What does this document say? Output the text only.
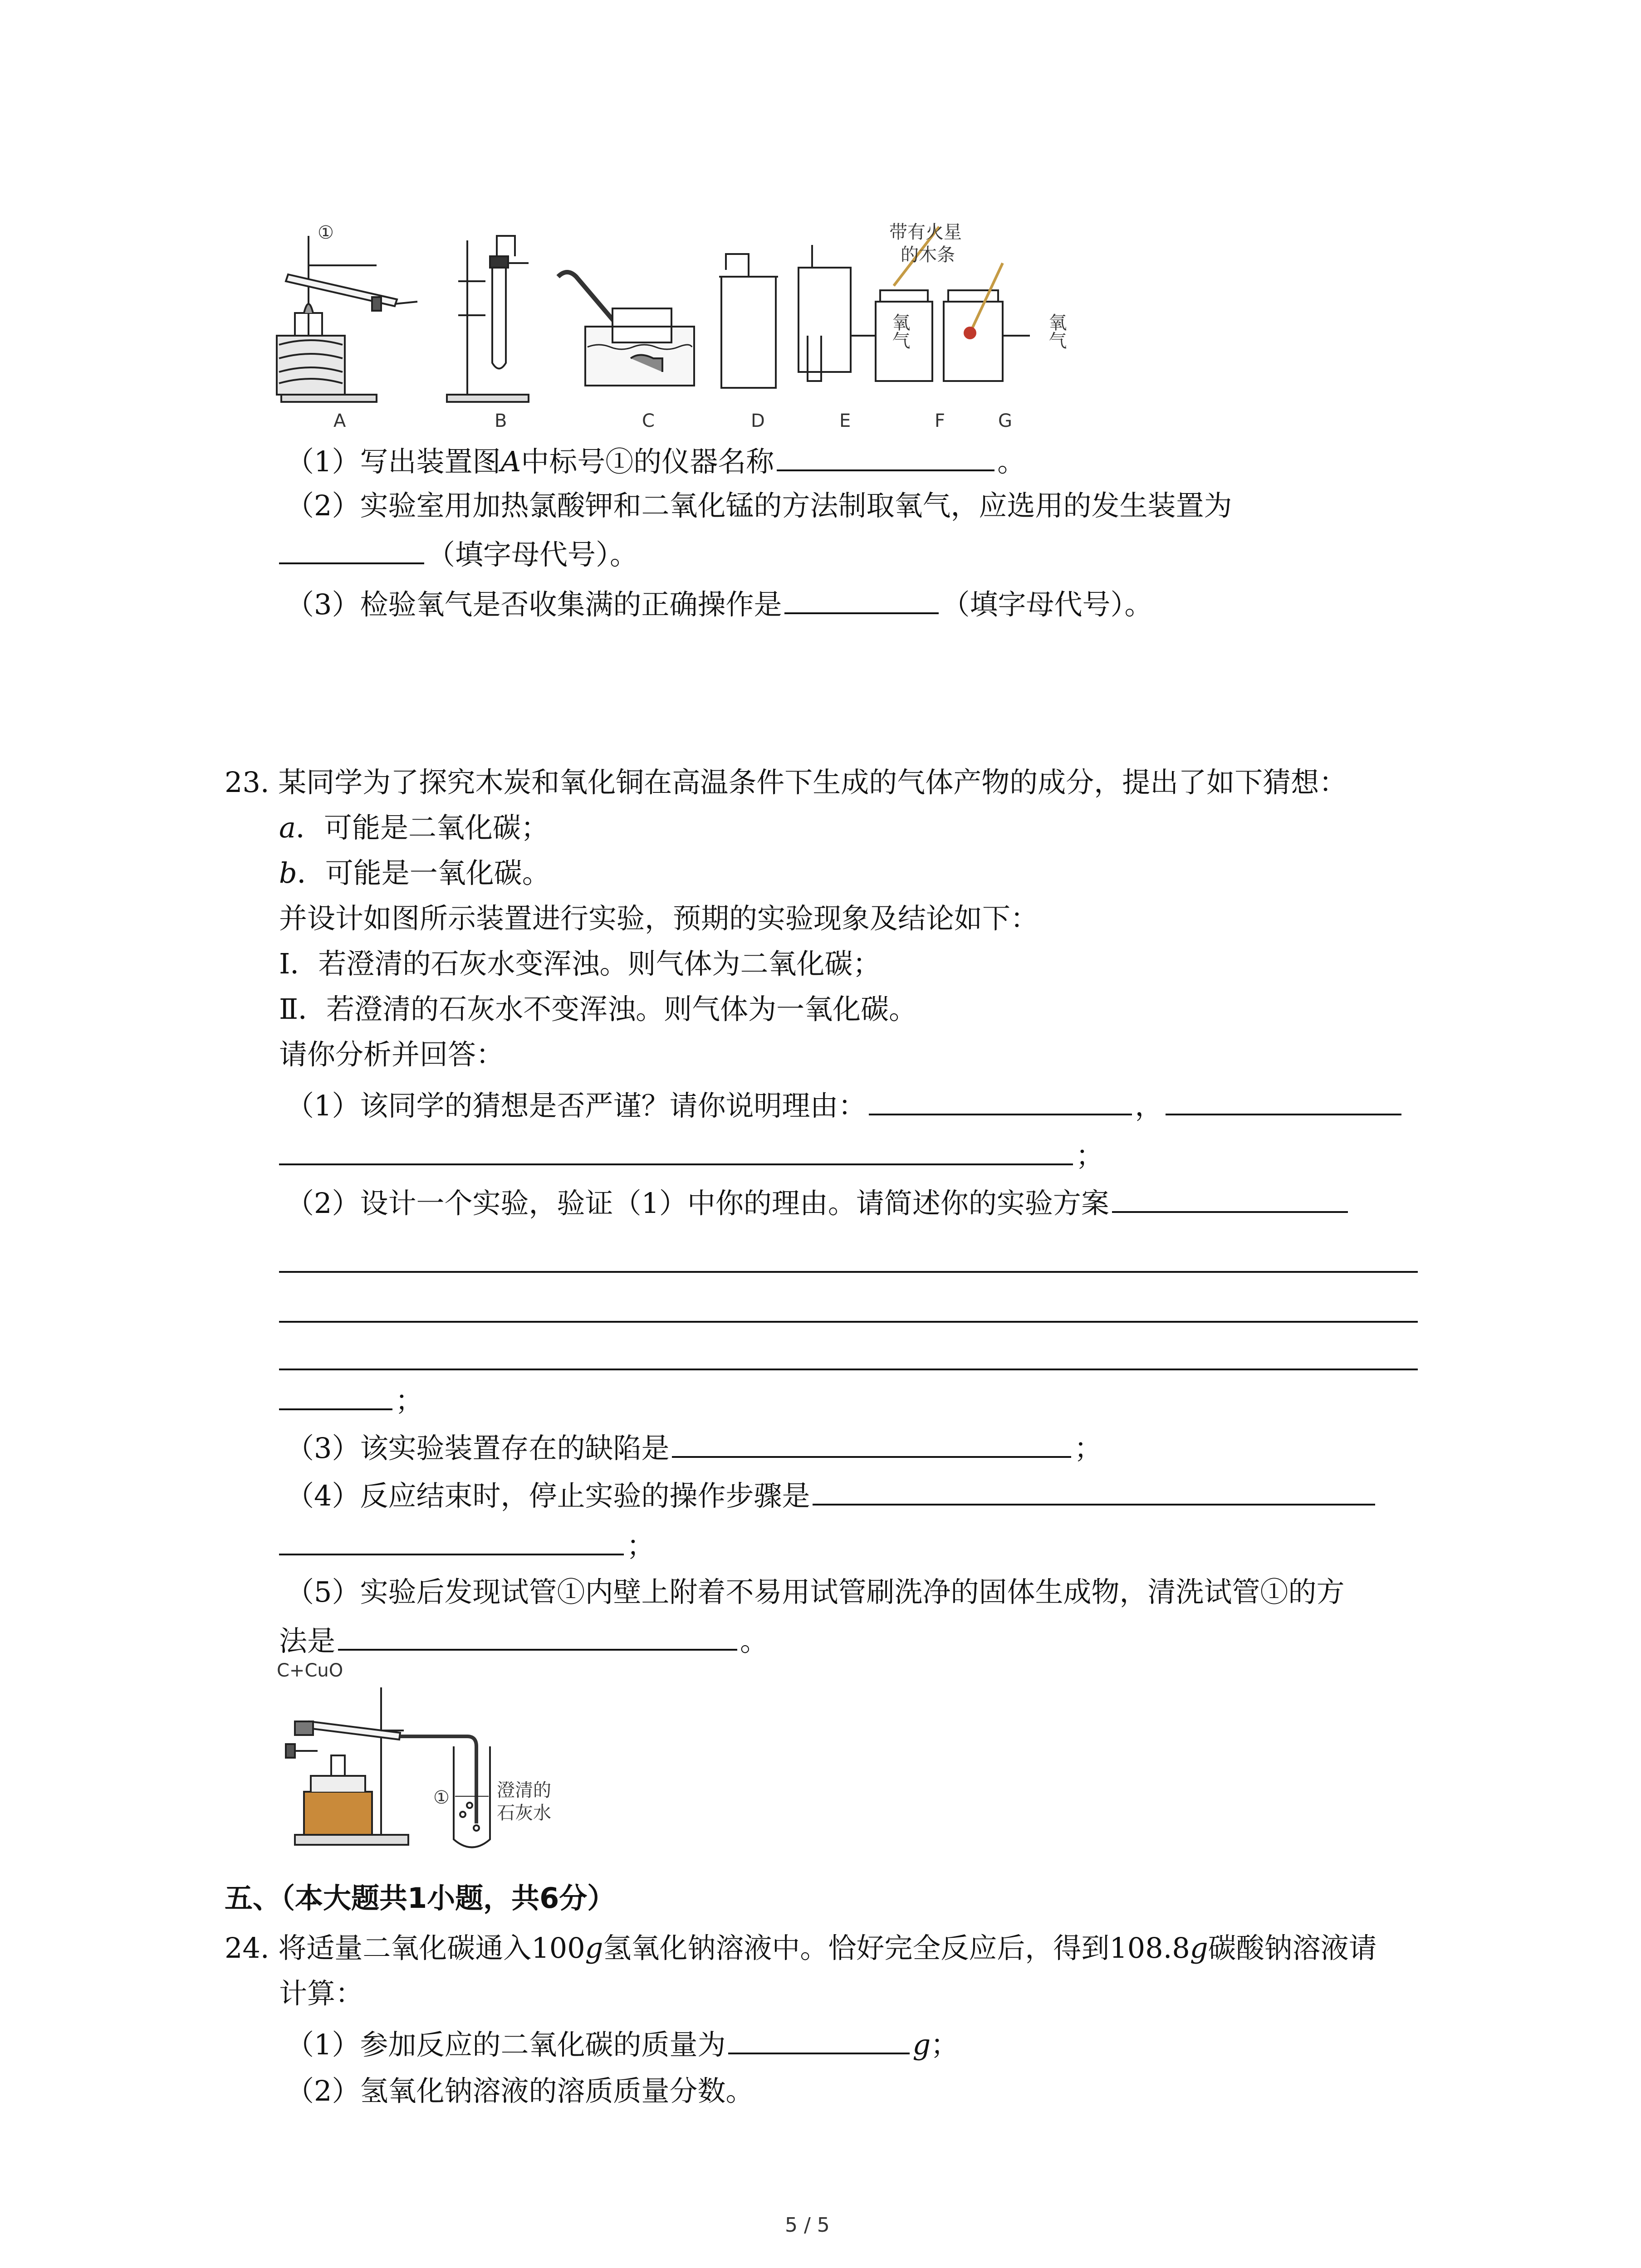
①	带有火星
的木条
氧气	氧气
A	B	C	D	E	F	G
（1）写出装置图A中标号①的仪器名称	。
（2）实验室用加热氯酸钾和二氧化锰的方法制取氧气，应选用的发生装置为
（填字母代号）。
（3）检验氧气是否收集满的正确操作是	（填字母代号）。
23. 某同学为了探究木炭和氧化铜在高温条件下生成的气体产物的成分，提出了如下猜想：
a．可能是二氧化碳；
b．可能是一氧化碳。
并设计如图所示装置进行实验，预期的实验现象及结论如下：
Ⅰ．若澄清的石灰水变浑浊。则气体为二氧化碳；
Ⅱ．若澄清的石灰水不变浑浊。则气体为一氧化碳。
请你分析并回答：
（1）该同学的猜想是否严谨？请你说明理由：	，
；
（2）设计一个实验，验证（1）中你的理由。请简述你的实验方案
；
（3）该实验装置存在的缺陷是	；
（4）反应结束时，停止实验的操作步骤是
；
（5）实验后发现试管①内壁上附着不易用试管刷洗净的固体生成物，清洗试管①的方
法是	。
C+CuO
①	澄清的
石灰水
五、（本大题共1小题，共6分）
24. 将适量二氧化碳通入100g氢氧化钠溶液中。恰好完全反应后，得到108.8g碳酸钠溶液请
计算：
（1）参加反应的二氧化碳的质量为	g；
（2）氢氧化钠溶液的溶质质量分数。
5 / 5
